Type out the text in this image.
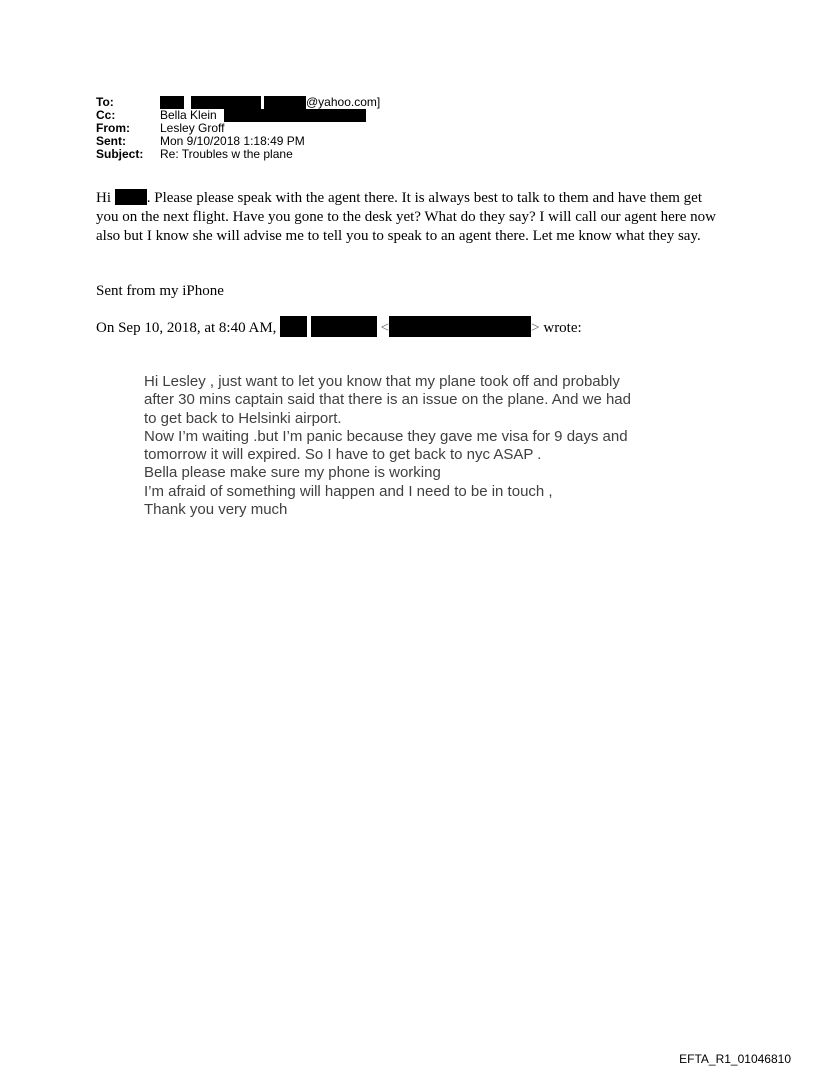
To:	@yahoo.com]
Cc:	Bella Klein
From:	Lesley Groff
Sent:	Mon 9/10/2018 1:18:49 PM
Subject: Re: Troubles w the plane
Hi . Please please speak with the agent there. It is always best to talk to them and have them get you on the next flight. Have you gone to the desk yet? What do they say? I will call our agent here now also but I know she will advise me to tell you to speak to an agent there. Let me know what they say.
Sent from my iPhone
On Sep 10, 2018, at 8:40 AM,	<	> wrote:
Hi Lesley , just want to let you know that my plane took off and probably
after 30 mins captain said that there is an issue on the plane. And we had
to get back to Helsinki airport.
Now I’m waiting .but I’m panic because they gave me visa for 9 days and
tomorrow it will expired. So I have to get back to nyc ASAP .
Bella please make sure my phone is working
I’m afraid of something will happen and I need to be in touch ,
Thank you very much
EFTA_R1_01046810
